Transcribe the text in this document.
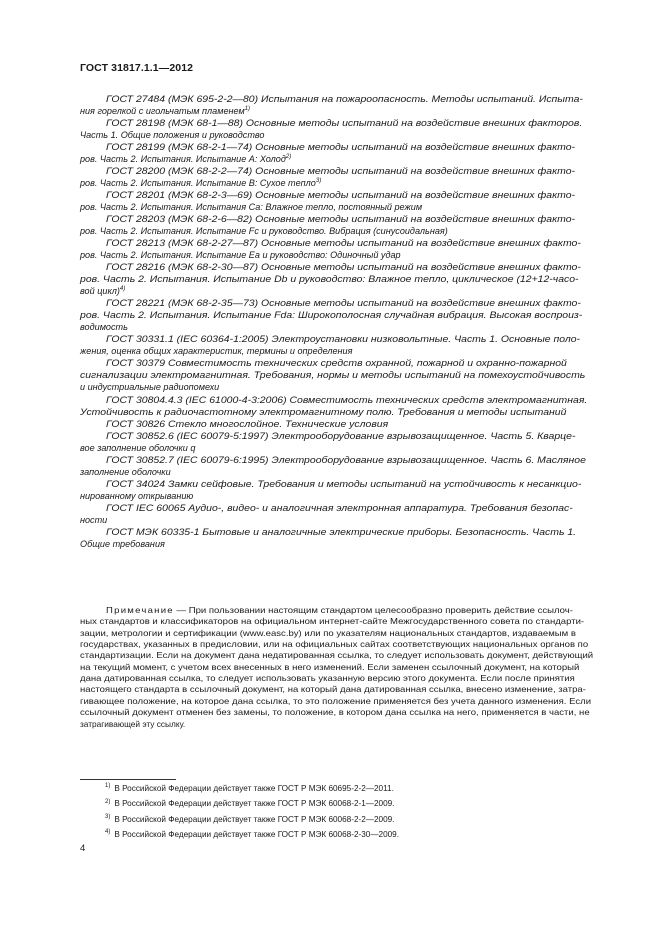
ГОСТ 31817.1.1—2012
ГОСТ 27484 (МЭК 695-2-2—80) Испытания на пожароопасность. Методы испытаний. Испыта-
ния горелкой с игольчатым пламенем$^{1)}$
ГОСТ 28198 (МЭК 68-1—88) Основные методы испытаний на воздействие внешних факторов.
Часть 1. Общие положения и руководство
ГОСТ 28199 (МЭК 68-2-1—74) Основные методы испытаний на воздействие внешних факто-
ров. Часть 2. Испытания. Испытание А: Холод$^{2)}$
ГОСТ 28200 (МЭК 68-2-2—74) Основные методы испытаний на воздействие внешних факто-
ров. Часть 2. Испытания. Испытание В: Сухое тепло$^{3)}$
ГОСТ 28201 (МЭК 68-2-3—69) Основные методы испытаний на воздействие внешних факто-
ров. Часть 2. Испытания. Испытания Са: Влажное тепло, постоянный режим
ГОСТ 28203 (МЭК 68-2-6—82) Основные методы испытаний на воздействие внешних факто-
ров. Часть 2. Испытания. Испытание Fc и руководство. Вибрация (синусоидальная)
ГОСТ 28213 (МЭК 68-2-27—87) Основные методы испытаний на воздействие внешних факто-
ров. Часть 2. Испытания. Испытание Еа и руководство: Одиночный удар
ГОСТ 28216 (МЭК 68-2-30—87) Основные методы испытаний на воздействие внешних факто-
ров. Часть 2. Испытания. Испытание Db и руководство: Влажное тепло, циклическое (12+12-часо-
вой цикл)$^{4)}$
ГОСТ 28221 (МЭК 68-2-35—73) Основные методы испытаний на воздействие внешних факто-
ров. Часть 2. Испытания. Испытание Fda: Широкополосная случайная вибрация. Высокая воспроиз-
водимость
ГОСТ 30331.1 (IEC 60364-1:2005) Электроустановки низковольтные. Часть 1. Основные поло-
жения, оценка общих характеристик, термины и определения
ГОСТ 30379 Совместимость технических средств охранной, пожарной и охранно-пожарной
сигнализации электромагнитная. Требования, нормы и методы испытаний на помехоустойчивость
и индустриальные радиопомехи
ГОСТ 30804.4.3 (IEC 61000-4-3:2006) Совместимость технических средств электромагнитная.
Устойчивость к радиочастотному электромагнитному полю. Требования и методы испытаний
ГОСТ 30826 Стекло многослойное. Технические условия
ГОСТ 30852.6 (IEC 60079-5:1997) Электрооборудование взрывозащищенное. Часть 5. Кварце-
вое заполнение оболочки q
ГОСТ 30852.7 (IEC 60079-6:1995) Электрооборудование взрывозащищенное. Часть 6. Масляное
заполнение оболочки
ГОСТ 34024 Замки сейфовые. Требования и методы испытаний на устойчивость к несанкцио-
нированному открыванию
ГОСТ IEC 60065 Аудио-, видео- и аналогичная электронная аппаратура. Требования безопас-
ности
ГОСТ МЭК 60335-1 Бытовые и аналогичные электрические приборы. Безопасность. Часть 1.
Общие требования
Примечание — При пользовании настоящим стандартом целесообразно проверить действие ссылоч-
ных стандартов и классификаторов на официальном интернет-сайте Межгосударственного совета по стандарти-
зации, метрологии и сертификации (www.easc.by) или по указателям национальных стандартов, издаваемым в
государствах, указанных в предисловии, или на официальных сайтах соответствующих национальных органов по
стандартизации. Если на документ дана недатированная ссылка, то следует использовать документ, действующий
на текущий момент, с учетом всех внесенных в него изменений. Если заменен ссылочный документ, на который
дана датированная ссылка, то следует использовать указанную версию этого документа. Если после принятия
настоящего стандарта в ссылочный документ, на который дана датированная ссылка, внесено изменение, затра-
гивающее положение, на которое дана ссылка, то это положение применяется без учета данного изменения. Если
ссылочный документ отменен без замены, то положение, в котором дана ссылка на него, применяется в части, не
затрагивающей эту ссылку.
$^{1)}$ В Российской Федерации действует также ГОСТ Р МЭК 60695-2-2—2011.
$^{2)}$ В Российской Федерации действует также ГОСТ Р МЭК 60068-2-1—2009.
$^{3)}$ В Российской Федерации действует также ГОСТ Р МЭК 60068-2-2—2009.
$^{4)}$ В Российской Федерации действует также ГОСТ Р МЭК 60068-2-30—2009.
4
